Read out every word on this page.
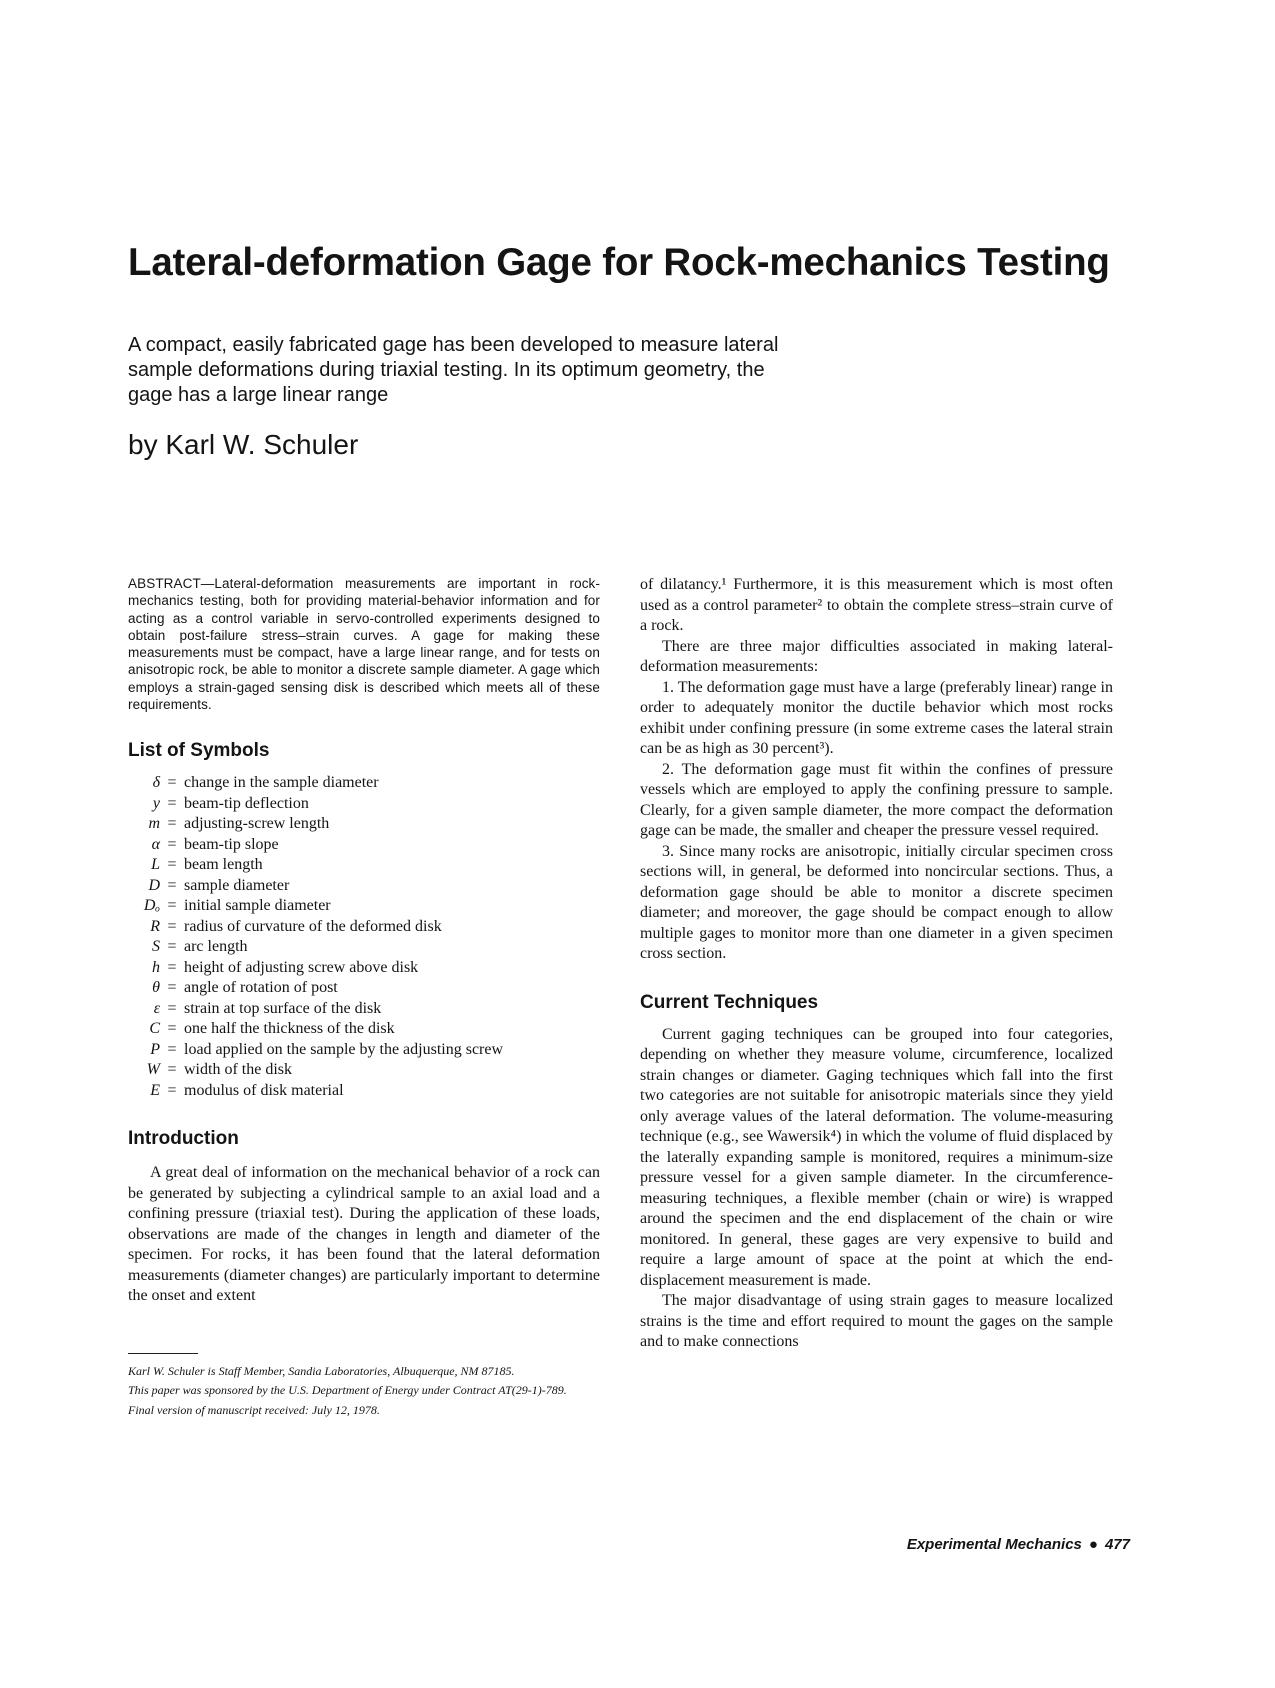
Lateral-deformation Gage for Rock-mechanics Testing

A compact, easily fabricated gage has been developed to measure lateral sample deformations during triaxial testing. In its optimum geometry, the gage has a large linear range

by Karl W. Schuler

ABSTRACT—Lateral-deformation measurements are important in rock-mechanics testing, both for providing material-behavior information and for acting as a control variable in servo-controlled experiments designed to obtain post-failure stress–strain curves. A gage for making these measurements must be compact, have a large linear range, and for tests on anisotropic rock, be able to monitor a discrete sample diameter. A gage which employs a strain-gaged sensing disk is described which meets all of these requirements.

List of Symbols
δ = change in the sample diameter
y = beam-tip deflection
m = adjusting-screw length
α = beam-tip slope
L = beam length
D = sample diameter
Dₒ = initial sample diameter
R = radius of curvature of the deformed disk
S = arc length
h = height of adjusting screw above disk
θ = angle of rotation of post
ε = strain at top surface of the disk
C = one half the thickness of the disk
P = load applied on the sample by the adjusting screw
W = width of the disk
E = modulus of disk material
Introduction

A great deal of information on the mechanical behavior of a rock can be generated by subjecting a cylindrical sample to an axial load and a confining pressure (triaxial test). During the application of these loads, observations are made of the changes in length and diameter of the specimen. For rocks, it has been found that the lateral deformation measurements (diameter changes) are particularly important to determine the onset and extent

Karl W. Schuler is Staff Member, Sandia Laboratories, Albuquerque, NM 87185.

This paper was sponsored by the U.S. Department of Energy under Contract AT(29-1)-789.

Final version of manuscript received: July 12, 1978.

of dilatancy.¹ Furthermore, it is this measurement which is most often used as a control parameter² to obtain the complete stress–strain curve of a rock.

There are three major difficulties associated in making lateral-deformation measurements:

1. The deformation gage must have a large (preferably linear) range in order to adequately monitor the ductile behavior which most rocks exhibit under confining pressure (in some extreme cases the lateral strain can be as high as 30 percent³).

2. The deformation gage must fit within the confines of pressure vessels which are employed to apply the confining pressure to sample. Clearly, for a given sample diameter, the more compact the deformation gage can be made, the smaller and cheaper the pressure vessel required.

3. Since many rocks are anisotropic, initially circular specimen cross sections will, in general, be deformed into noncircular sections. Thus, a deformation gage should be able to monitor a discrete specimen diameter; and moreover, the gage should be compact enough to allow multiple gages to monitor more than one diameter in a given specimen cross section.

Current Techniques

Current gaging techniques can be grouped into four categories, depending on whether they measure volume, circumference, localized strain changes or diameter. Gaging techniques which fall into the first two categories are not suitable for anisotropic materials since they yield only average values of the lateral deformation. The volume-measuring technique (e.g., see Wawersik⁴) in which the volume of fluid displaced by the laterally expanding sample is monitored, requires a minimum-size pressure vessel for a given sample diameter. In the circumference-measuring techniques, a flexible member (chain or wire) is wrapped around the specimen and the end displacement of the chain or wire monitored. In general, these gages are very expensive to build and require a large amount of space at the point at which the end-displacement measurement is made.

The major disadvantage of using strain gages to measure localized strains is the time and effort required to mount the gages on the sample and to make connections

Experimental Mechanics ● 477
